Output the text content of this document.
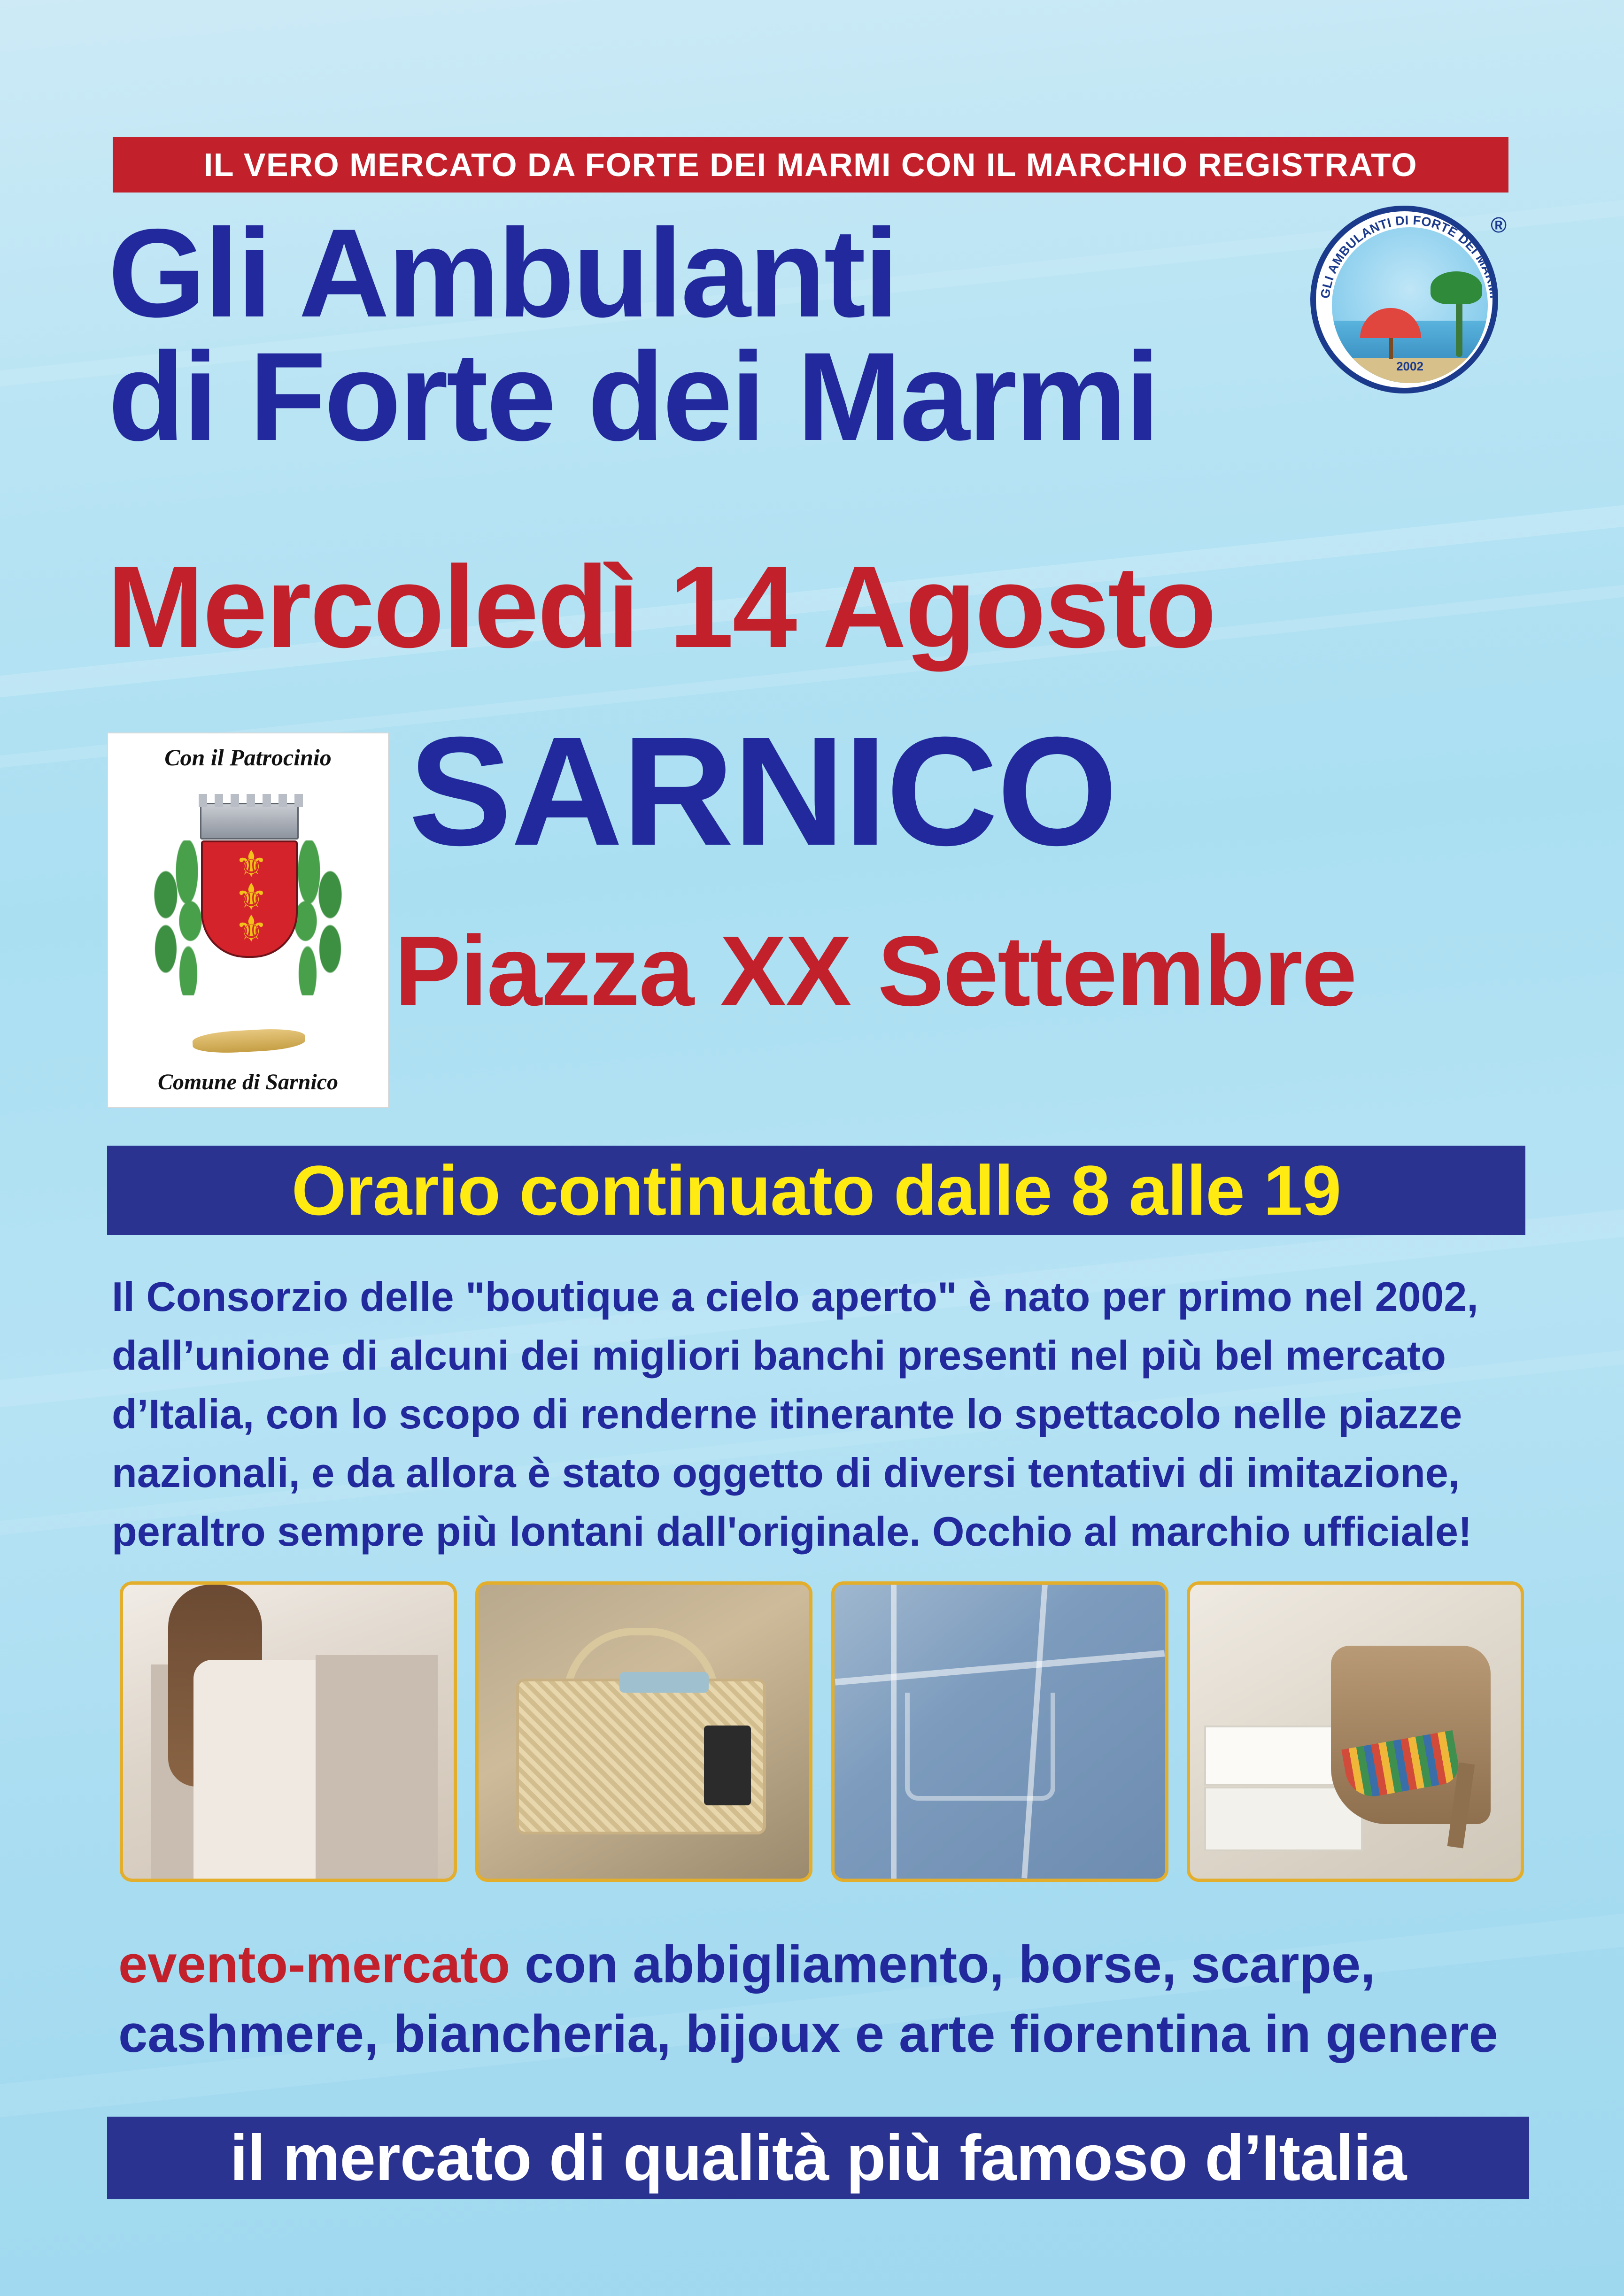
IL VERO MERCATO DA FORTE DEI MARMI CON IL MARCHIO REGISTRATO
Gli Ambulanti
di Forte dei Marmi
GLI AMBULANTI DI FORTE DEI MARMI
2002
®
Mercoledì 14 Agosto
Con il Patrocinio
⚜
⚜
⚜
Comune di Sarnico
SARNICO
Piazza XX Settembre
Orario continuato dalle 8 alle 19
Il Consorzio delle "boutique a cielo aperto" è nato per primo nel 2002, dall’unione di alcuni dei migliori banchi presenti nel più bel mercato d’Italia, con lo scopo di renderne itinerante lo spettacolo nelle piazze nazionali, e da allora è stato oggetto di diversi tentativi di imitazione, peraltro sempre più lontani dall'originale. Occhio al marchio ufficiale!
evento-mercato con abbigliamento, borse, scarpe, cashmere, biancheria, bijoux e arte fiorentina in genere
il mercato di qualità più famoso d’Italia
